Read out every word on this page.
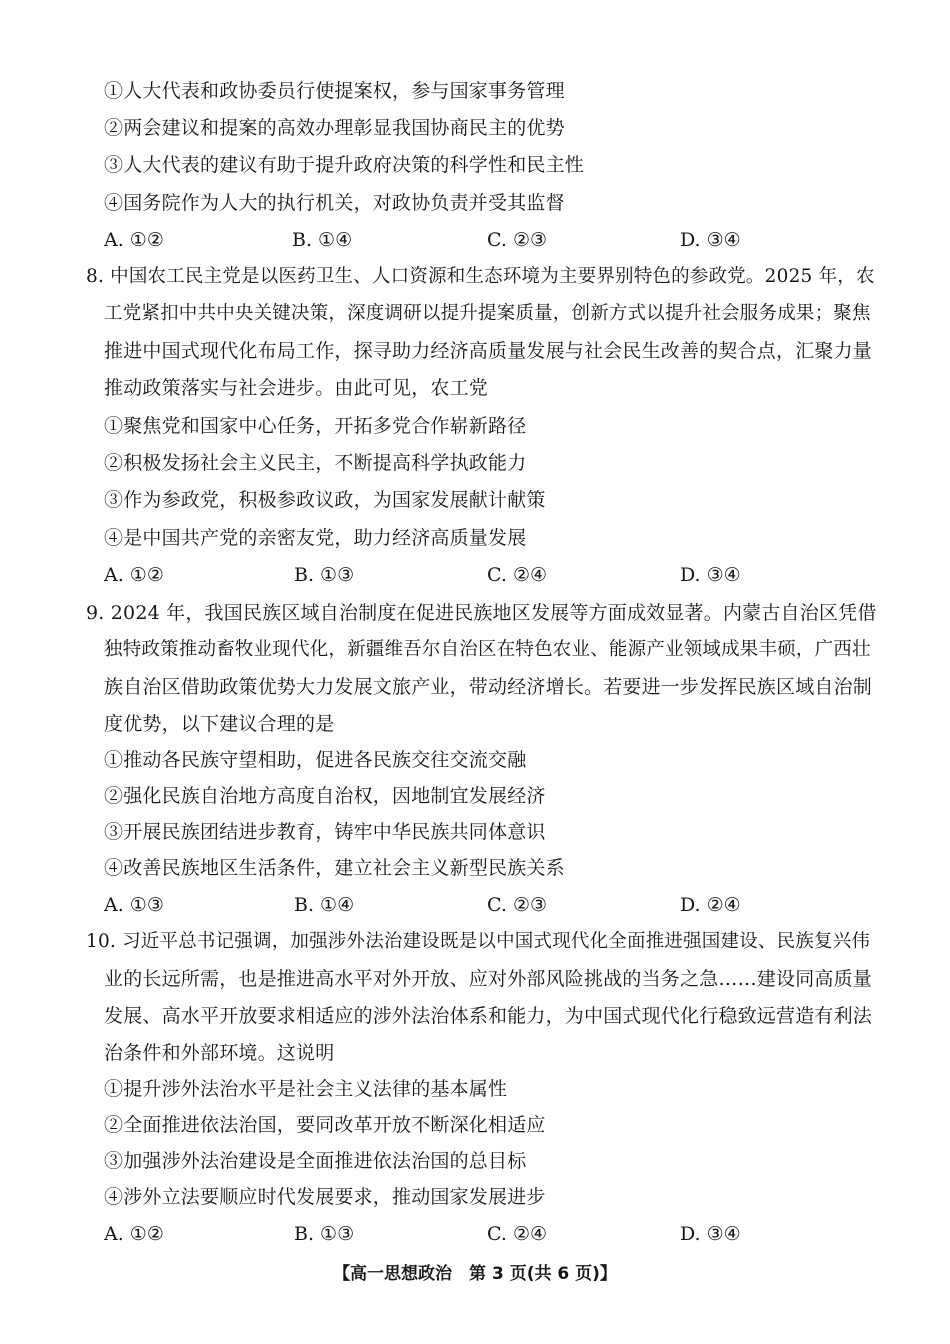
①人大代表和政协委员行使提案权，参与国家事务管理
②两会建议和提案的高效办理彰显我国协商民主的优势
③人大代表的建议有助于提升政府决策的科学性和民主性
④国务院作为人大的执行机关，对政协负责并受其监督
A. ①②	B. ①④	C. ②③	D. ③④
8. 中国农工民主党是以医药卫生、人口资源和生态环境为主要界别特色的参政党。2025 年，农
工党紧扣中共中央关键决策，深度调研以提升提案质量，创新方式以提升社会服务成果；聚焦
推进中国式现代化布局工作，探寻助力经济高质量发展与社会民生改善的契合点，汇聚力量
推动政策落实与社会进步。由此可见，农工党
①聚焦党和国家中心任务，开拓多党合作崭新路径
②积极发扬社会主义民主，不断提高科学执政能力
③作为参政党，积极参政议政，为国家发展献计献策
④是中国共产党的亲密友党，助力经济高质量发展
A. ①②	B. ①③	C. ②④	D. ③④
9. 2024 年，我国民族区域自治制度在促进民族地区发展等方面成效显著。内蒙古自治区凭借
独特政策推动畜牧业现代化，新疆维吾尔自治区在特色农业、能源产业领域成果丰硕，广西壮
族自治区借助政策优势大力发展文旅产业，带动经济增长。若要进一步发挥民族区域自治制
度优势，以下建议合理的是
①推动各民族守望相助，促进各民族交往交流交融
②强化民族自治地方高度自治权，因地制宜发展经济
③开展民族团结进步教育，铸牢中华民族共同体意识
④改善民族地区生活条件，建立社会主义新型民族关系
A. ①③	B. ①④	C. ②③	D. ②④
10. 习近平总书记强调，加强涉外法治建设既是以中国式现代化全面推进强国建设、民族复兴伟
业的长远所需，也是推进高水平对外开放、应对外部风险挑战的当务之急……建设同高质量
发展、高水平开放要求相适应的涉外法治体系和能力，为中国式现代化行稳致远营造有利法
治条件和外部环境。这说明
①提升涉外法治水平是社会主义法律的基本属性
②全面推进依法治国，要同改革开放不断深化相适应
③加强涉外法治建设是全面推进依法治国的总目标
④涉外立法要顺应时代发展要求，推动国家发展进步
A. ①②	B. ①③	C. ②④	D. ③④
【高一思想政治　第 3 页(共 6 页)】
